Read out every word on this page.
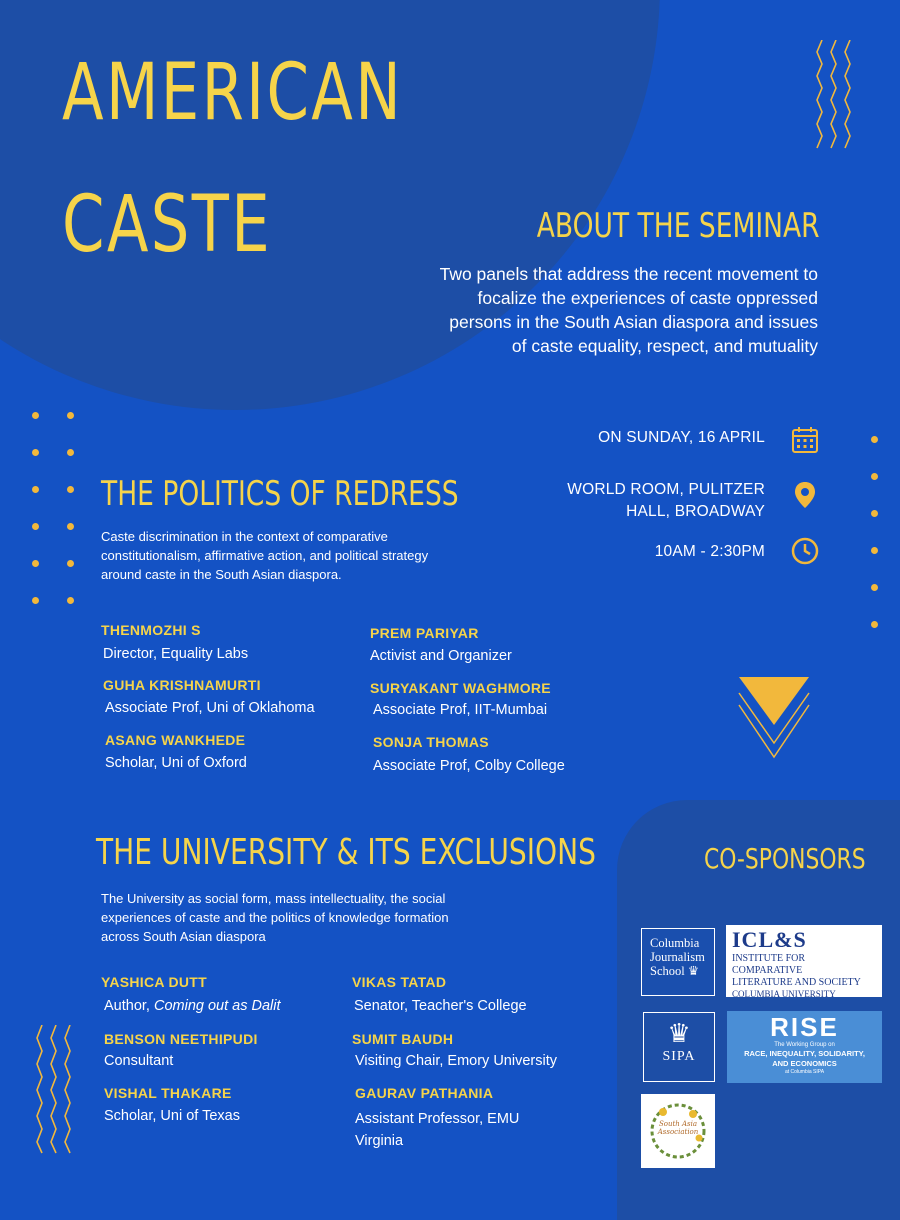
AMERICAN
CASTE	ABOUT THE SEMINAR
Two panels that address the recent movement to focalize the experiences of caste oppressed persons in the South Asian diaspora and issues of caste equality, respect, and mutuality
ON SUNDAY, 16 APRIL
WORLD ROOM, PULITZER
HALL, BROADWAY
10AM - 2:30PM
THE POLITICS OF REDRESS
Caste discrimination in the context of comparative constitutionalism, affirmative action, and political strategy around caste in the South Asian diaspora.
THENMOZHI S
Director, Equality Labs
GUHA KRISHNAMURTI
Associate Prof, Uni of Oklahoma
ASANG WANKHEDE
Scholar, Uni of Oxford
PREM PARIYAR
Activist and Organizer
SURYAKANT WAGHMORE
Associate Prof, IIT-Mumbai
SONJA THOMAS
Associate Prof, Colby College
THE UNIVERSITY & ITS EXCLUSIONS
The University as social form, mass intellectuality, the social experiences of caste and the politics of knowledge formation across South Asian diaspora
YASHICA DUTT
Author, Coming out as Dalit
BENSON NEETHIPUDI
Consultant
VISHAL THAKARE
Scholar, Uni of Texas
VIKAS TATAD
Senator, Teacher's College
SUMIT BAUDH
Visiting Chair, Emory University
GAURAV PATHANIA
Assistant Professor, EMU
Virginia
CO-SPONSORS
Columbia
Journalism
School ♛
ICL&S
INSTITUTE FOR COMPARATIVE
LITERATURE AND SOCIETY
COLUMBIA UNIVERSITY
♛
SIPA
RISE
The Working Group on
RACE, INEQUALITY, SOLIDARITY,
AND ECONOMICS
at Columbia SIPA
South Asia Association
